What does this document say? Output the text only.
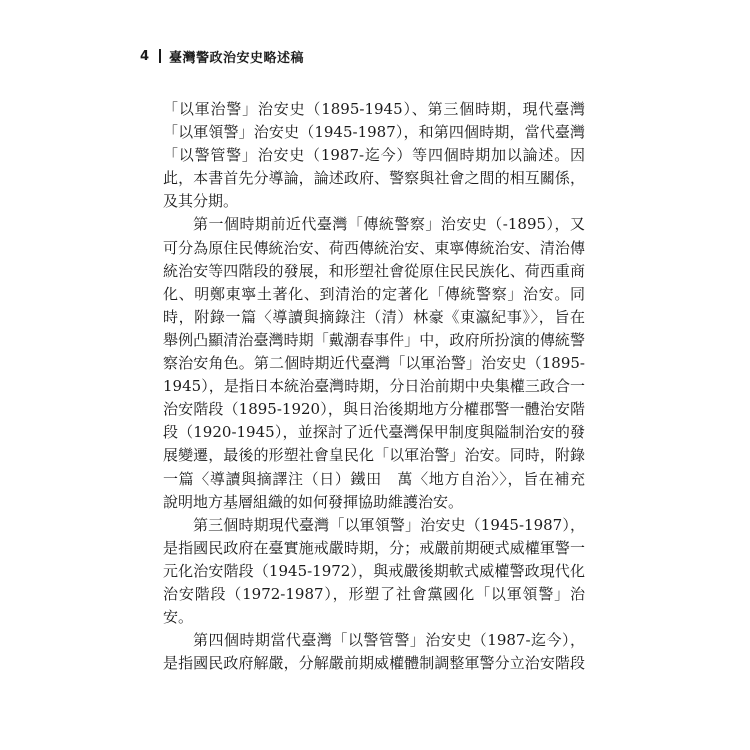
4 臺灣警政治安史略述稿
「以軍治警」治安史（1895-1945）、第三個時期，現代臺灣
「以軍領警」治安史（1945-1987），和第四個時期，當代臺灣
「以警管警」治安史（1987-迄今）等四個時期加以論述。因
此，本書首先分導論，論述政府、警察與社會之間的相互關係，
及其分期。
第一個時期前近代臺灣「傳統警察」治安史（-1895），又
可分為原住民傳統治安、荷西傳統治安、東寧傳統治安、清治傳
統治安等四階段的發展，和形塑社會從原住民民族化、荷西重商
化、明鄭東寧土著化、到清治的定著化「傳統警察」治安。同
時，附錄一篇〈導讀與摘錄注（清）林豪《東瀛紀事》〉，旨在
舉例凸顯清治臺灣時期「戴潮春事件」中，政府所扮演的傳統警
察治安角色。第二個時期近代臺灣「以軍治警」治安史（1895-
1945），是指日本統治臺灣時期，分日治前期中央集權三政合一
治安階段（1895-1920），與日治後期地方分權郡警一體治安階
段（1920-1945），並探討了近代臺灣保甲制度與隘制治安的發
展變遷，最後的形塑社會皇民化「以軍治警」治安。同時，附錄
一篇〈導讀與摘譯注（日）鐵田　萬〈地方自治〉〉，旨在補充
說明地方基層組織的如何發揮協助維護治安。
第三個時期現代臺灣「以軍領警」治安史（1945-1987），
是指國民政府在臺實施戒嚴時期，分；戒嚴前期硬式威權軍警一
元化治安階段（1945-1972），與戒嚴後期軟式威權警政現代化
治安階段（1972-1987），形塑了社會黨國化「以軍領警」治
安。
第四個時期當代臺灣「以警管警」治安史（1987-迄今），
是指國民政府解嚴，分解嚴前期威權體制調整軍警分立治安階段
